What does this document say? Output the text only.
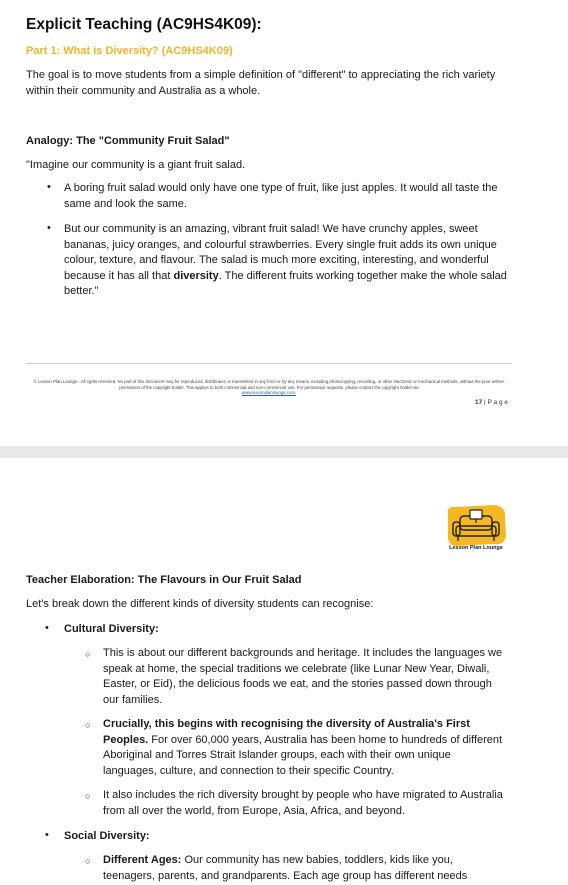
Explicit Teaching (AC9HS4K09):
Part 1: What is Diversity? (AC9HS4K09)
The goal is to move students from a simple definition of "different" to appreciating the rich variety within their community and Australia as a whole.
Analogy: The "Community Fruit Salad"
"Imagine our community is a giant fruit salad.
• A boring fruit salad would only have one type of fruit, like just apples. It would all taste the same and look the same.
• But our community is an amazing, vibrant fruit salad! We have crunchy apples, sweet bananas, juicy oranges, and colourful strawberries. Every single fruit adds its own unique colour, texture, and flavour. The salad is much more exciting, interesting, and wonderful because it has all that diversity. The different fruits working together make the whole salad better."
© Lesson Plan Lounge - All rights reserved. No part of this document may be reproduced, distributed, or transmitted in any form or by any means, including photocopying, recording, or other electronic or mechanical methods, without the prior written permission of the copyright holder. This applies to both commercial and non-commercial use. For permission requests, please contact the copyright holder via
www.lessonplanlounge.com.
17 | P a g e
Lesson Plan Lounge
Teacher Elaboration: The Flavours in Our Fruit Salad
Let's break down the different kinds of diversity students can recognise:
• Cultural Diversity:
○ This is about our different backgrounds and heritage. It includes the languages we speak at home, the special traditions we celebrate (like Lunar New Year, Diwali, Easter, or Eid), the delicious foods we eat, and the stories passed down through our families.
○ Crucially, this begins with recognising the diversity of Australia's First Peoples. For over 60,000 years, Australia has been home to hundreds of different Aboriginal and Torres Strait Islander groups, each with their own unique languages, culture, and connection to their specific Country.
○ It also includes the rich diversity brought by people who have migrated to Australia from all over the world, from Europe, Asia, Africa, and beyond.
• Social Diversity:
○ Different Ages: Our community has new babies, toddlers, kids like you, teenagers, parents, and grandparents. Each age group has different needs
